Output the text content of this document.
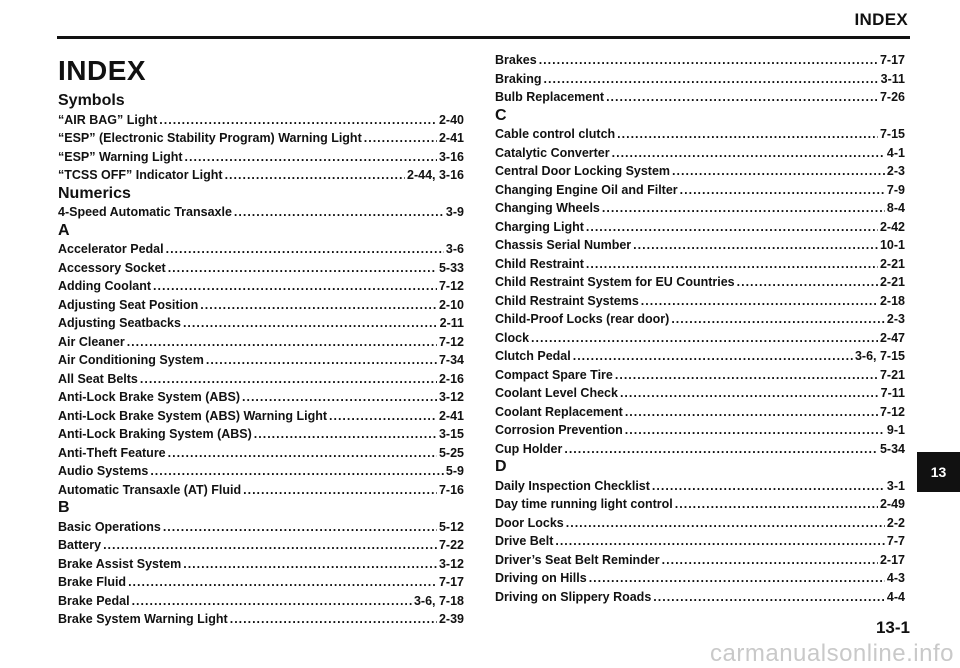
INDEX
INDEX
Symbols
“AIR BAG” Light .....	2-40
“ESP” (Electronic Stability Program) Warning Light .....	2-41
“ESP” Warning Light .....	3-16
“TCSS OFF” Indicator Light .....	2-44, 3-16
Numerics
4-Speed Automatic Transaxle .....	3-9
A
Accelerator Pedal .....	3-6
Accessory Socket .....	5-33
Adding Coolant .....	7-12
Adjusting Seat Position .....	2-10
Adjusting Seatbacks .....	2-11
Air Cleaner .....	7-12
Air Conditioning System .....	7-34
All Seat Belts .....	2-16
Anti-Lock Brake System (ABS) .....	3-12
Anti-Lock Brake System (ABS) Warning Light .....	2-41
Anti-Lock Braking System (ABS) .....	3-15
Anti-Theft Feature .....	5-25
Audio Systems .....	5-9
Automatic Transaxle (AT) Fluid .....	7-16
B
Basic Operations .....	5-12
Battery .....	7-22
Brake Assist System .....	3-12
Brake Fluid .....	7-17
Brake Pedal .....	3-6, 7-18
Brake System Warning Light .....	2-39
Brakes .....	7-17
Braking .....	3-11
Bulb Replacement .....	7-26
C
Cable control clutch .....	7-15
Catalytic Converter .....	4-1
Central Door Locking System .....	2-3
Changing Engine Oil and Filter .....	7-9
Changing Wheels .....	8-4
Charging Light .....	2-42
Chassis Serial Number .....	10-1
Child Restraint .....	2-21
Child Restraint System for EU Countries .....	2-21
Child Restraint Systems .....	2-18
Child-Proof Locks (rear door) .....	2-3
Clock .....	2-47
Clutch Pedal .....	3-6, 7-15
Compact Spare Tire .....	7-21
Coolant Level Check .....	7-11
Coolant Replacement .....	7-12
Corrosion Prevention .....	9-1
Cup Holder .....	5-34
D
Daily Inspection Checklist .....	3-1
Day time running light control .....	2-49
Door Locks .....	2-2
Drive Belt .....	7-7
Driver’s Seat Belt Reminder .....	2-17
Driving on Hills .....	4-3
Driving on Slippery Roads .....	4-4
13
13-1
carmanualsonline.info
